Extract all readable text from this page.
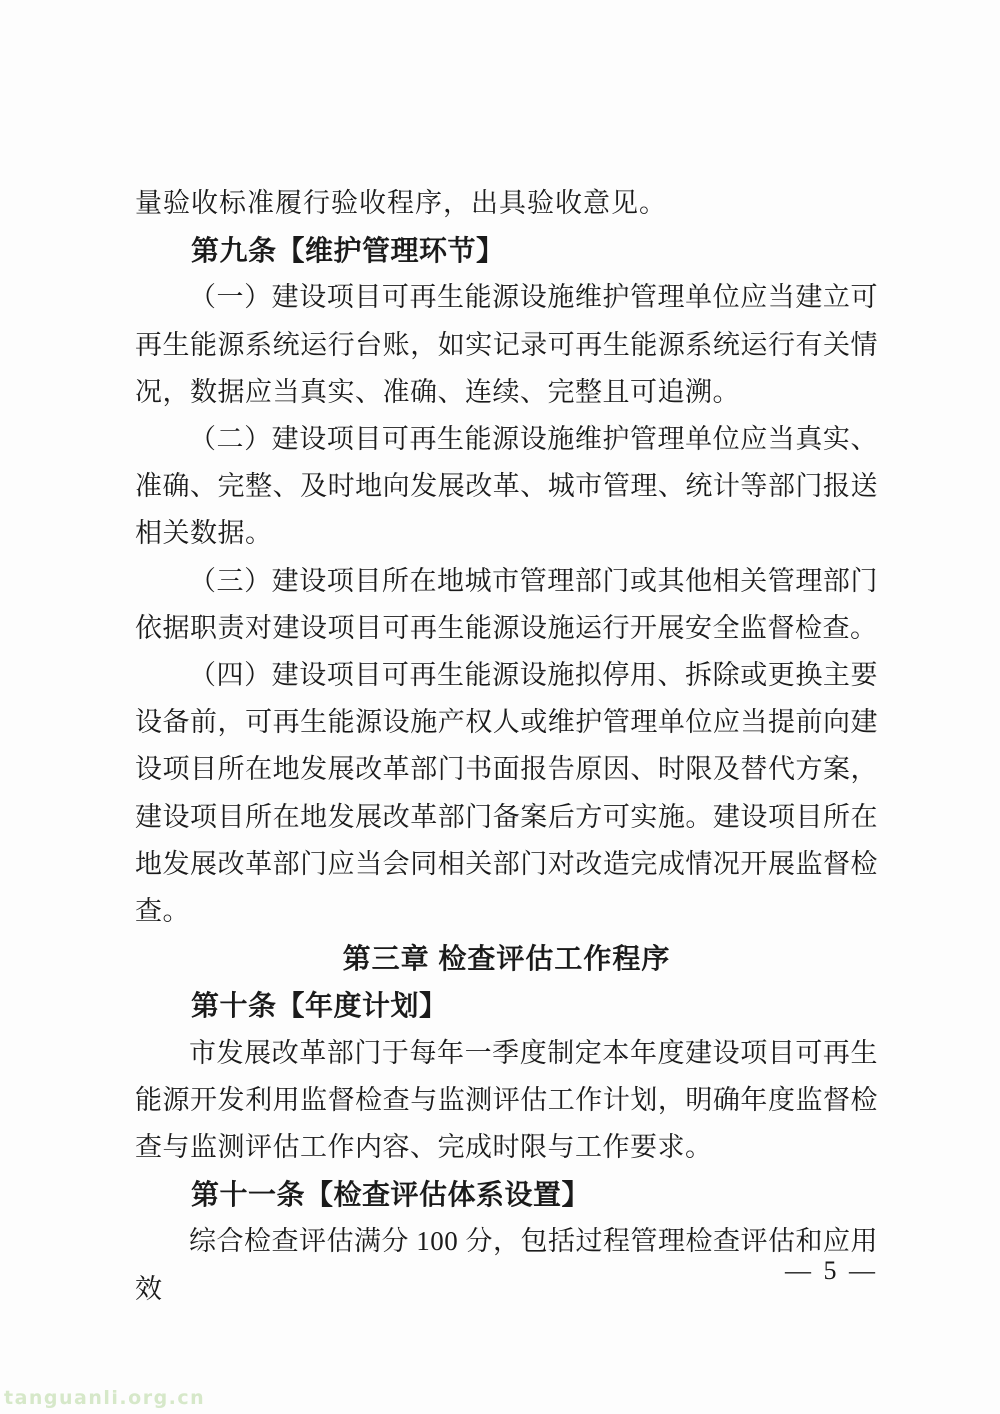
量验收标准履行验收程序，出具验收意见。

第九条【维护管理环节】

（一）建设项目可再生能源设施维护管理单位应当建立可再生能源系统运行台账，如实记录可再生能源系统运行有关情况，数据应当真实、准确、连续、完整且可追溯。

（二）建设项目可再生能源设施维护管理单位应当真实、准确、完整、及时地向发展改革、城市管理、统计等部门报送相关数据。

（三）建设项目所在地城市管理部门或其他相关管理部门依据职责对建设项目可再生能源设施运行开展安全监督检查。

（四）建设项目可再生能源设施拟停用、拆除或更换主要设备前，可再生能源设施产权人或维护管理单位应当提前向建设项目所在地发展改革部门书面报告原因、时限及替代方案，建设项目所在地发展改革部门备案后方可实施。建设项目所在地发展改革部门应当会同相关部门对改造完成情况开展监督检查。

第三章 检查评估工作程序
第十条【年度计划】

市发展改革部门于每年一季度制定本年度建设项目可再生能源开发利用监督检查与监测评估工作计划，明确年度监督检查与监测评估工作内容、完成时限与工作要求。

第十一条【检查评估体系设置】

综合检查评估满分 100 分，包括过程管理检查评估和应用效

— 5 —
tanguanli.org.cn
